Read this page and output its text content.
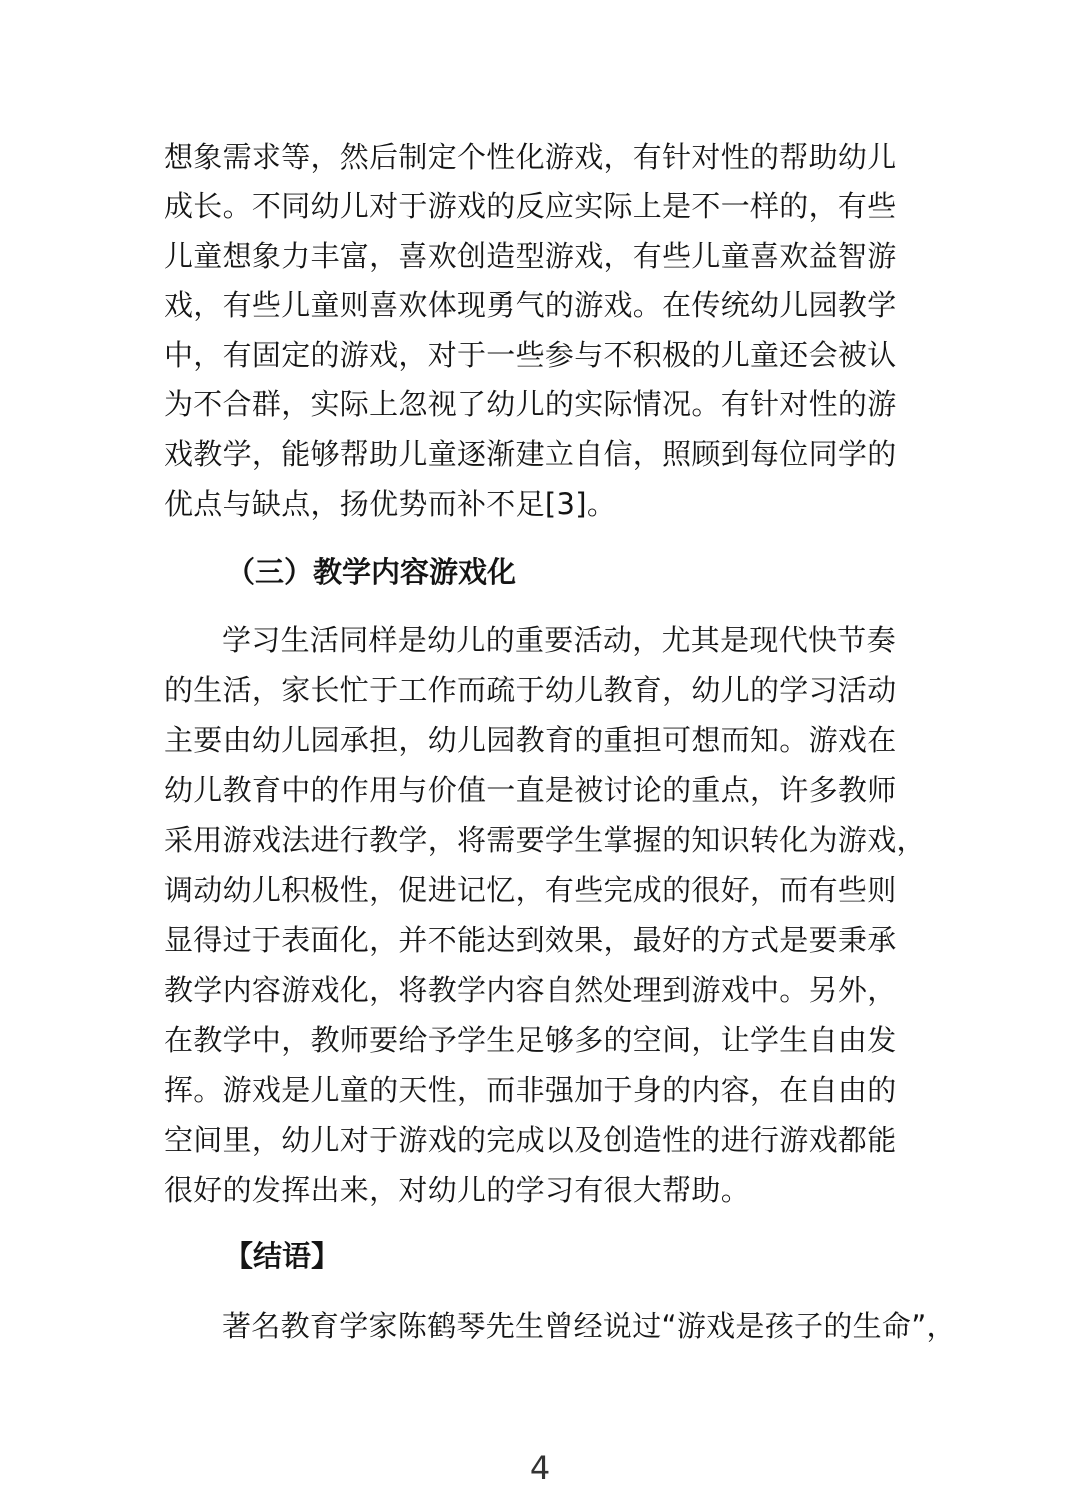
想象需求等，然后制定个性化游戏，有针对性的帮助幼儿
成长。不同幼儿对于游戏的反应实际上是不一样的，有些
儿童想象力丰富，喜欢创造型游戏，有些儿童喜欢益智游
戏，有些儿童则喜欢体现勇气的游戏。在传统幼儿园教学
中，有固定的游戏，对于一些参与不积极的儿童还会被认
为不合群，实际上忽视了幼儿的实际情况。有针对性的游
戏教学，能够帮助儿童逐渐建立自信，照顾到每位同学的
优点与缺点，扬优势而补不足[3]。
（三）教学内容游戏化
学习生活同样是幼儿的重要活动，尤其是现代快节奏
的生活，家长忙于工作而疏于幼儿教育，幼儿的学习活动
主要由幼儿园承担，幼儿园教育的重担可想而知。游戏在
幼儿教育中的作用与价值一直是被讨论的重点，许多教师
采用游戏法进行教学，将需要学生掌握的知识转化为游戏，
调动幼儿积极性，促进记忆，有些完成的很好，而有些则
显得过于表面化，并不能达到效果，最好的方式是要秉承
教学内容游戏化，将教学内容自然处理到游戏中。另外，
在教学中，教师要给予学生足够多的空间，让学生自由发
挥。游戏是儿童的天性，而非强加于身的内容，在自由的
空间里，幼儿对于游戏的完成以及创造性的进行游戏都能
很好的发挥出来，对幼儿的学习有很大帮助。
【结语】
著名教育学家陈鹤琴先生曾经说过“游戏是孩子的生命”，
4
